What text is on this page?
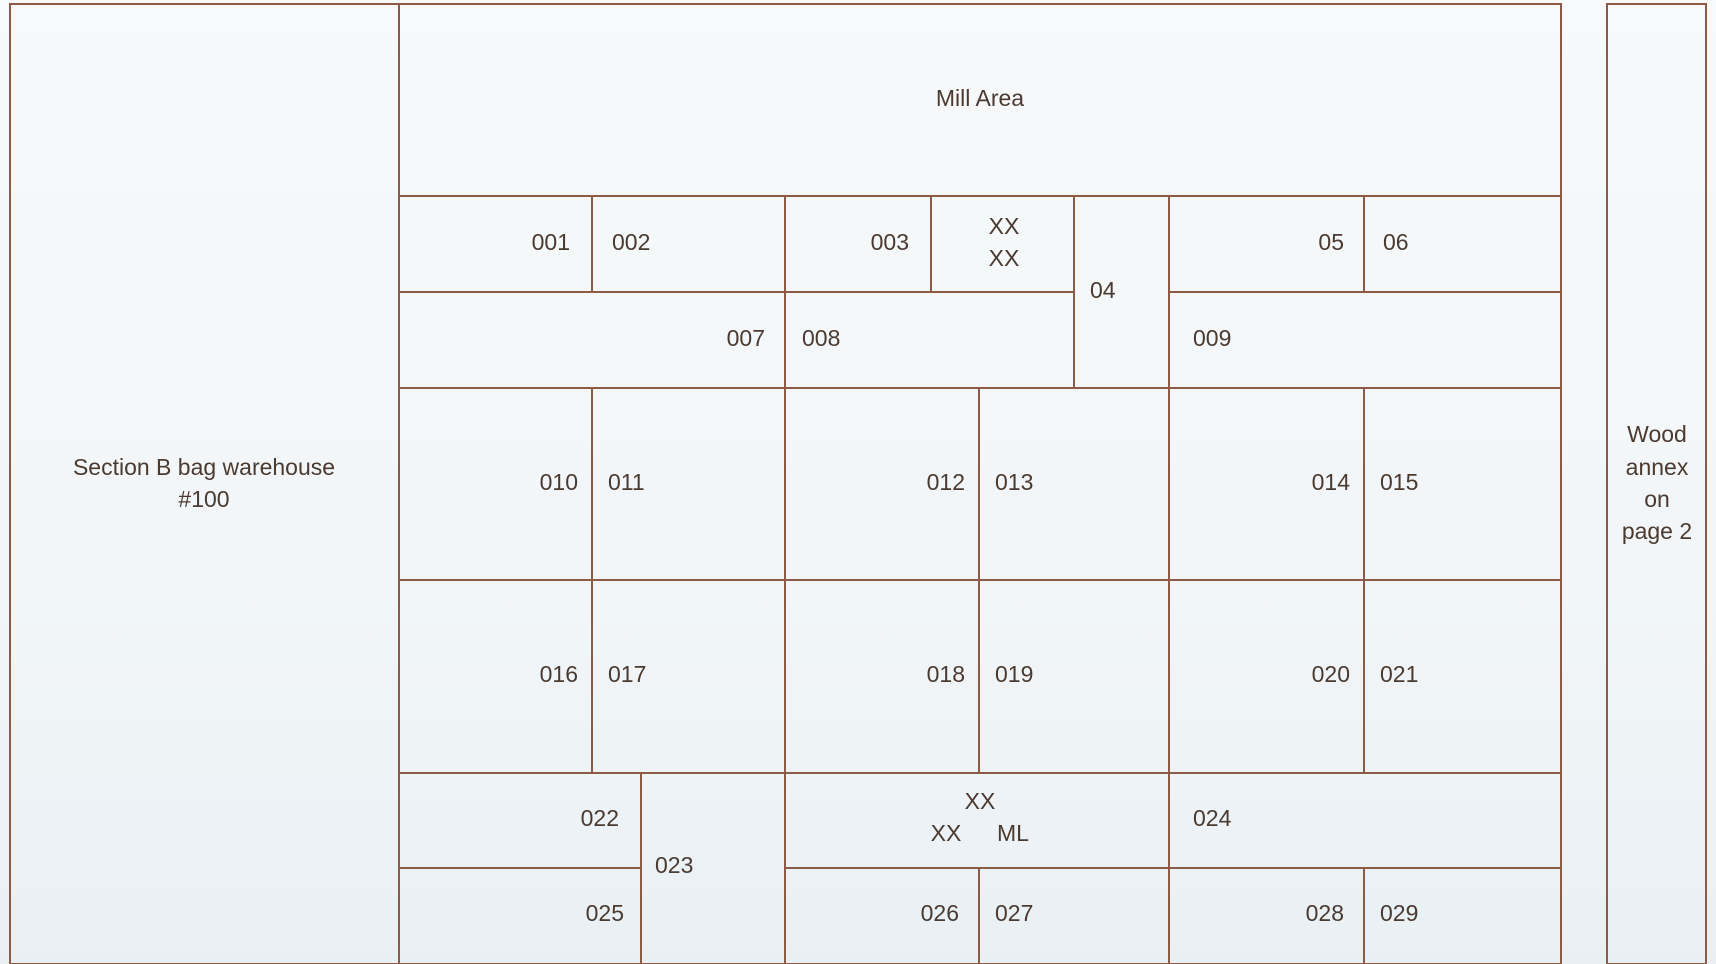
Mill Area
Section B bag warehouse
#100
Wood
annex
on
page 2
001 002	003
XX
XX
04
05 06
007 008	009
010 011	012 013	014 015
016 017	018 019	020 021
022
023
XX
XX ML
024
025	026 027	028 029
